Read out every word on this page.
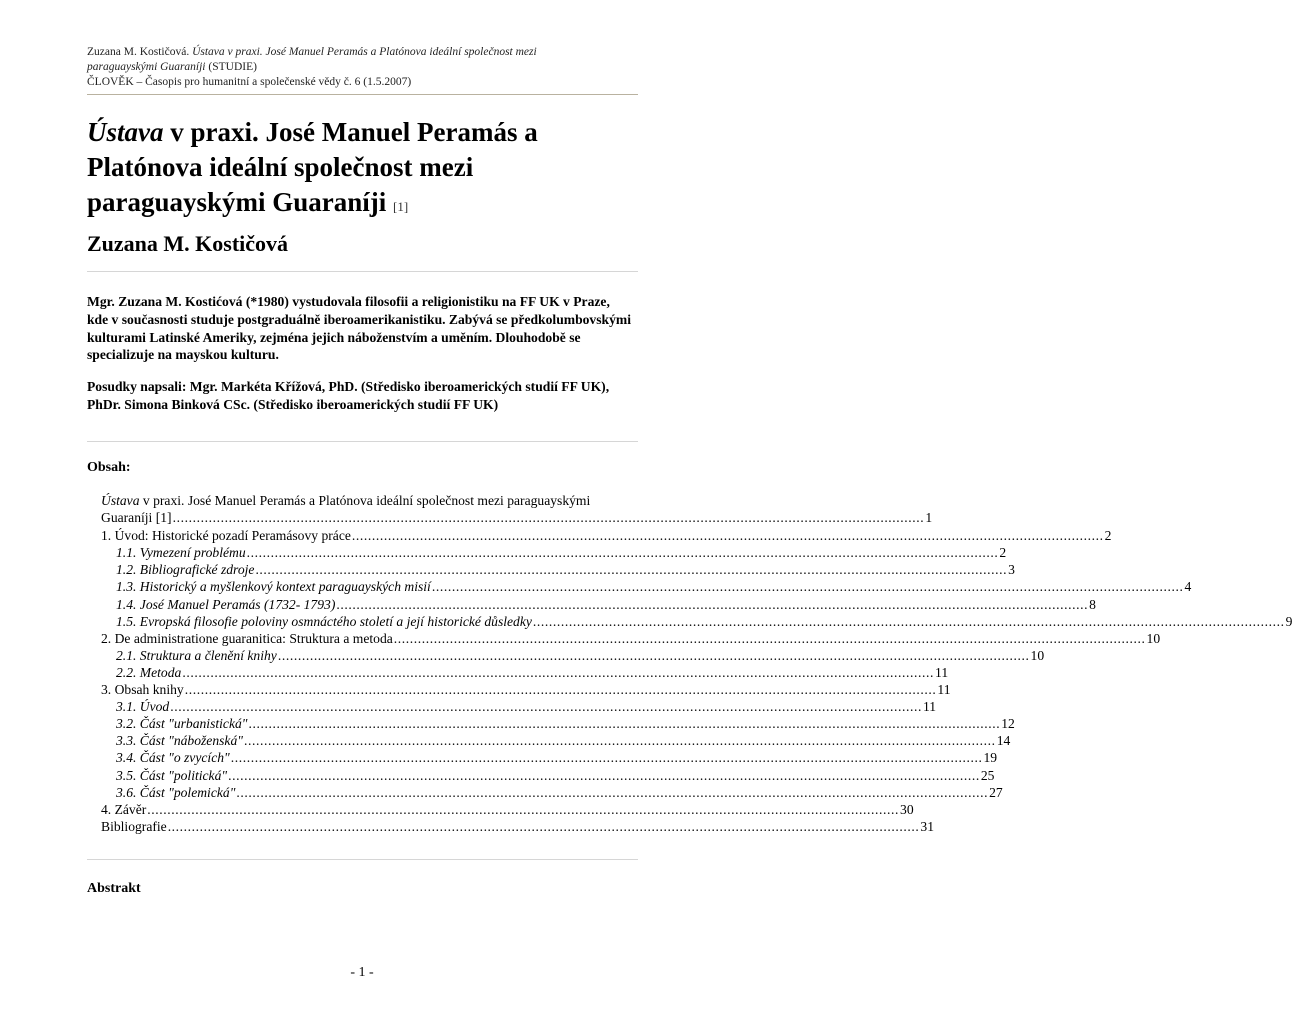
Zuzana M. Kostičová. Ústava v praxi. José Manuel Peramás a Platónova ideální společnost mezi
paraguayskými Guaraníji (STUDIE)
ČLOVĚK – Časopis pro humanitní a společenské vědy č. 6 (1.5.2007)
Ústava v praxi. José Manuel Peramás a Platónova ideální společnost mezi paraguayskými Guaraníji [1]
Zuzana M. Kostičová

Mgr. Zuzana M. Kostićová (*1980) vystudovala filosofii a religionistiku na FF UK v Praze, kde v současnosti studuje postgraduálně iberoamerikanistiku. Zabývá se předkolumbovskými kulturami Latinské Ameriky, zejména jejich náboženstvím a uměním. Dlouhodobě se specializuje na mayskou kulturu.

Posudky napsali: Mgr. Markéta Křížová, PhD. (Středisko iberoamerických studií FF UK), PhDr. Simona Binková CSc. (Středisko iberoamerických studií FF UK)

Obsah:
Ústava v praxi. José Manuel Peramás a Platónova ideální společnost mezi paraguayskými
Guaraníji [1] ............................................................................................................................................................................................ 1
1. Úvod: Historické pozadí Peramásovy práce ............................................................................................................................................................................................ 2
1.1. Vymezení problému ............................................................................................................................................................................................ 2
1.2. Bibliografické zdroje ............................................................................................................................................................................................ 3
1.3. Historický a myšlenkový kontext paraguayských misií ............................................................................................................................................................................................ 4
1.4. José Manuel Peramás (1732- 1793) ............................................................................................................................................................................................ 8
1.5. Evropská filosofie poloviny osmnáctého století a její historické důsledky ............................................................................................................................................................................................ 9
2. De administratione guaranitica: Struktura a metoda ............................................................................................................................................................................................ 10
2.1. Struktura a členění knihy ............................................................................................................................................................................................ 10
2.2. Metoda ............................................................................................................................................................................................ 11
3. Obsah knihy ............................................................................................................................................................................................ 11
3.1. Úvod ............................................................................................................................................................................................ 11
3.2. Část "urbanistická" ............................................................................................................................................................................................ 12
3.3. Část "náboženská" ............................................................................................................................................................................................ 14
3.4. Část "o zvycích" ............................................................................................................................................................................................ 19
3.5. Část "politická" ............................................................................................................................................................................................ 25
3.6. Část "polemická" ............................................................................................................................................................................................ 27
4. Závěr ............................................................................................................................................................................................ 30
Bibliografie ............................................................................................................................................................................................ 31
Abstrakt
- 1 -
